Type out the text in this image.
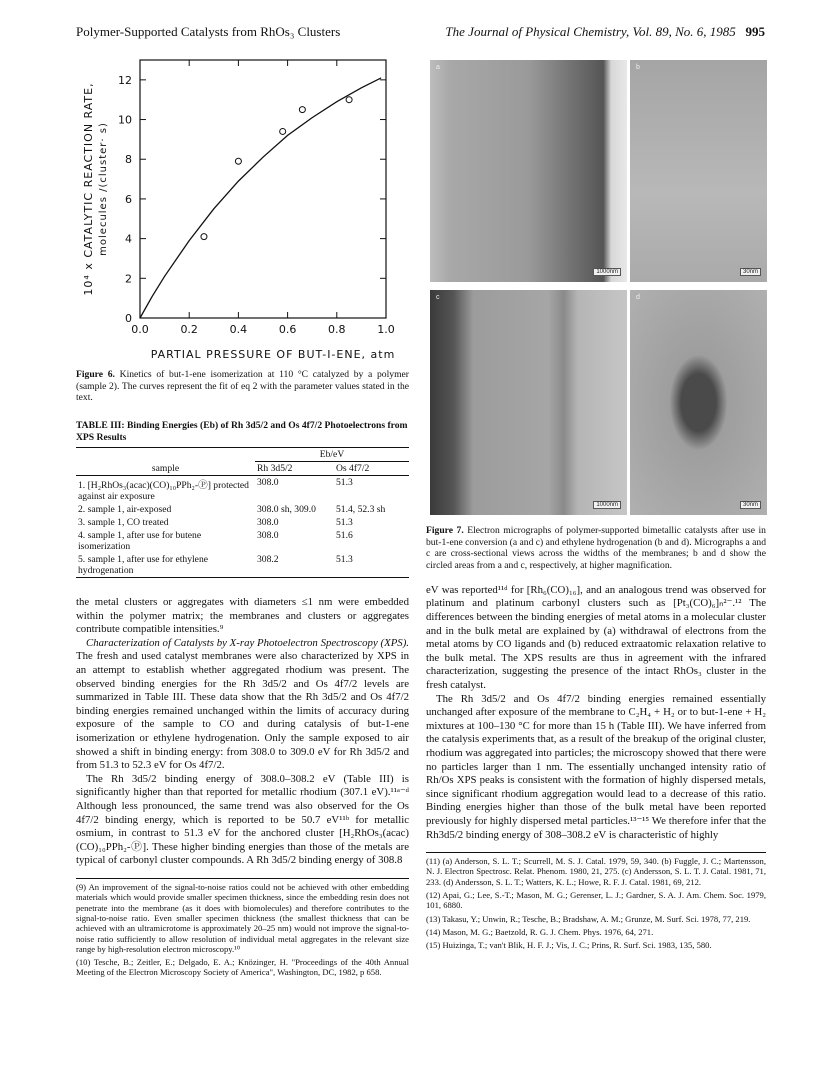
Polymer-Supported Catalysts from RhOs₃ Clusters	The Journal of Physical Chemistry, Vol. 89, No. 6, 1985 995
0.0	0.2	0.4	0.6	0.8	1.0
0
2
4
6
8
10
12
PARTIAL PRESSURE OF BUT-I-ENE, atm
10⁴ x CATALYTIC REACTION RATE, molecules /(cluster· s)

Figure 6. Kinetics of but-1-ene isomerization at 110 °C catalyzed by a polymer (sample 2). The curves represent the fit of eq 2 with the parameter values stated in the text.

TABLE III: Binding Energies (Eb) of Rh 3d5/2 and Os 4f7/2 Photoelectrons from XPS Results
	Eb/eV	
sample	Rh 3d5/2	Os 4f7/2
1. [H₂RhOs₃(acac)(CO)₁₀PPh₂-Ⓟ] protected against air exposure	308.0	51.3
2. sample 1, air-exposed	308.0 sh, 309.0	51.4, 52.3 sh
3. sample 1, CO treated	308.0	51.3
4. sample 1, after use for butene isomerization	308.0	51.6
5. sample 1, after use for ethylene hydrogenation	308.2	51.3

the metal clusters or aggregates with diameters ≤1 nm were embedded within the polymer matrix; the membranes and clusters or aggregates contribute compatible intensities.⁹

Characterization of Catalysts by X-ray Photoelectron Spectroscopy (XPS). The fresh and used catalyst membranes were also characterized by XPS in an attempt to establish whether aggregated rhodium was present. The observed binding energies for the Rh 3d5/2 and Os 4f7/2 levels are summarized in Table III. These data show that the Rh 3d5/2 and Os 4f7/2 binding energies remained unchanged within the limits of accuracy during exposure of the sample to CO and during catalysis of but-1-ene isomerization or ethylene hydrogenation. Only the sample exposed to air showed a shift in binding energy: from 308.0 to 309.0 eV for Rh 3d5/2 and from 51.3 to 52.3 eV for Os 4f7/2.

The Rh 3d5/2 binding energy of 308.0–308.2 eV (Table III) is significantly higher than that reported for metallic rhodium (307.1 eV).¹¹ᵃ⁻ᵈ Although less pronounced, the same trend was also observed for the Os 4f7/2 binding energy, which is reported to be 50.7 eV¹¹ᵇ for metallic osmium, in contrast to 51.3 eV for the anchored cluster [H₂RhOs₃(acac)(CO)₁₀PPh₂-Ⓟ]. These higher binding energies than those of the metals are typical of carbonyl cluster compounds. A Rh 3d5/2 binding energy of 308.8

(9) An improvement of the signal-to-noise ratios could not be achieved with other embedding materials which would provide smaller specimen thickness, since the embedding resin does not penetrate into the membrane (as it does with biomolecules) and therefore contributes to the signal-to-noise ratio. Even smaller specimen thickness (the smallest thickness that can be achieved with an ultramicrotome is approximately 20–25 nm) would not improve the signal-to-noise ratio sufficiently to allow resolution of individual metal aggregates in the relevant size range by high-resolution electron microscopy.¹⁰

(10) Tesche, B.; Zeitler, E.; Delgado, E. A.; Knözinger, H. "Proceedings of the 40th Annual Meeting of the Electron Microscopy Society of America", Washington, DC, 1982, p 658.

a
1000nm
b
30nm
c
1000nm
d
30nm

Figure 7. Electron micrographs of polymer-supported bimetallic catalysts after use in but-1-ene conversion (a and c) and ethylene hydrogenation (b and d). Micrographs a and c are cross-sectional views across the widths of the membranes; b and d show the circled areas from a and c, respectively, at higher magnification.

eV was reported¹¹ᵈ for [Rh₆(CO)₁₆], and an analogous trend was observed for platinum and platinum carbonyl clusters such as [Pt₃(CO)₆]ₙ²⁻.¹² The differences between the binding energies of metal atoms in a molecular cluster and in the bulk metal are explained by (a) withdrawal of electrons from the metal atoms by CO ligands and (b) reduced extraatomic relaxation relative to the bulk metal. The XPS results are thus in agreement with the infrared characterization, suggesting the presence of the intact RhOs₃ cluster in the fresh catalyst.

The Rh 3d5/2 and Os 4f7/2 binding energies remained essentially unchanged after exposure of the membrane to C₂H₄ + H₂ or to but-1-ene + H₂ mixtures at 100–130 °C for more than 15 h (Table III). We have inferred from the catalysis experiments that, as a result of the breakup of the original cluster, rhodium was aggregated into particles; the microscopy showed that there were no particles larger than 1 nm. The essentially unchanged intensity ratio of Rh/Os XPS peaks is consistent with the formation of highly dispersed metals, since significant rhodium aggregation would lead to a decrease of this ratio. Binding energies higher than those of the bulk metal have been reported previously for highly dispersed metal particles.¹³⁻¹⁵ We therefore infer that the Rh3d5/2 binding energy of 308–308.2 eV is characteristic of highly

(11) (a) Anderson, S. L. T.; Scurrell, M. S. J. Catal. 1979, 59, 340. (b) Fuggle, J. C.; Martensson, N. J. Electron Spectrosc. Relat. Phenom. 1980, 21, 275. (c) Andersson, S. L. T. J. Catal. 1981, 71, 233. (d) Andersson, S. L. T.; Watters, K. L.; Howe, R. F. J. Catal. 1981, 69, 212.

(12) Apai, G.; Lee, S.-T.; Mason, M. G.; Gerenser, L. J.; Gardner, S. A. J. Am. Chem. Soc. 1979, 101, 6880.

(13) Takasu, Y.; Unwin, R.; Tesche, B.; Bradshaw, A. M.; Grunze, M. Surf. Sci. 1978, 77, 219.

(14) Mason, M. G.; Baetzold, R. G. J. Chem. Phys. 1976, 64, 271.

(15) Huizinga, T.; van't Blik, H. F. J.; Vis, J. C.; Prins, R. Surf. Sci. 1983, 135, 580.
